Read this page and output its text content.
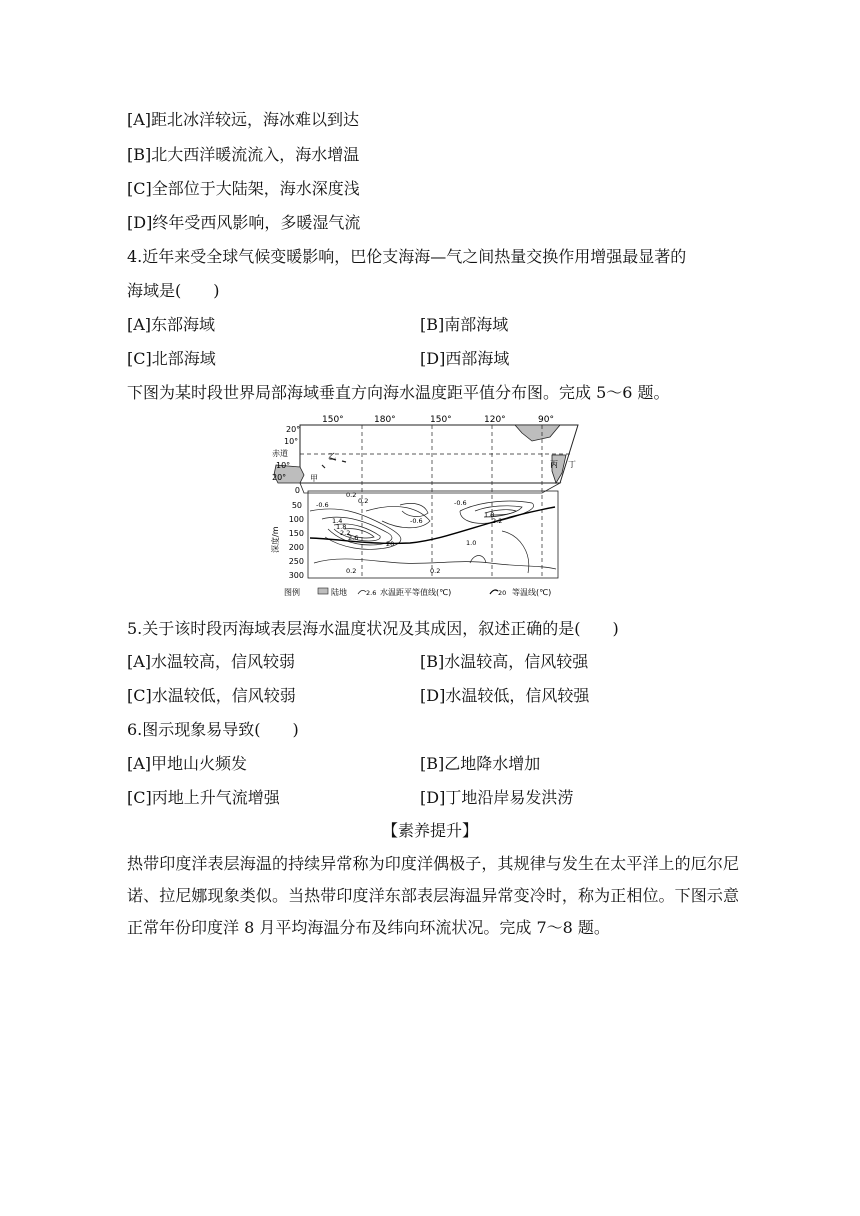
[A]距北冰洋较远，海冰难以到达
[B]北大西洋暖流流入，海水增温
[C]全部位于大陆架，海水深度浅
[D]终年受西风影响，多暖湿气流
4.近年来受全球气候变暖影响，巴伦支海海—气之间热量交换作用增强最显著的
海域是(　　)
[A]东部海域	[B]南部海域
[C]北部海域	[D]西部海域
下图为某时段世界局部海域垂直方向海水温度距平值分布图。完成 5～6 题。
150°	180°	150°	120°	90°
20°
10°
赤道
10°
20°	甲
乙
丙 丁
深度/m
0
50
100
150
200
250
300
-0.6	0.2
0.2
-0.6
1.4
1.8
2.2
2.6
20
-0.6
1.8
2.2
0.2
1.0
0.2
图例	陆地	2.6 水温距平等值线(℃)	20 等温线(℃)
5.关于该时段丙海域表层海水温度状况及其成因，叙述正确的是(　　)
[A]水温较高，信风较弱	[B]水温较高，信风较强
[C]水温较低，信风较弱	[D]水温较低，信风较强
6.图示现象易导致(　　)
[A]甲地山火频发	[B]乙地降水增加
[C]丙地上升气流增强	[D]丁地沿岸易发洪涝
【素养提升】
热带印度洋表层海温的持续异常称为印度洋偶极子，其规律与发生在太平洋上的厄尔尼诺、拉尼娜现象类似。当热带印度洋东部表层海温异常变冷时，称为正相位。下图示意正常年份印度洋 8 月平均海温分布及纬向环流状况。完成 7～8 题。
